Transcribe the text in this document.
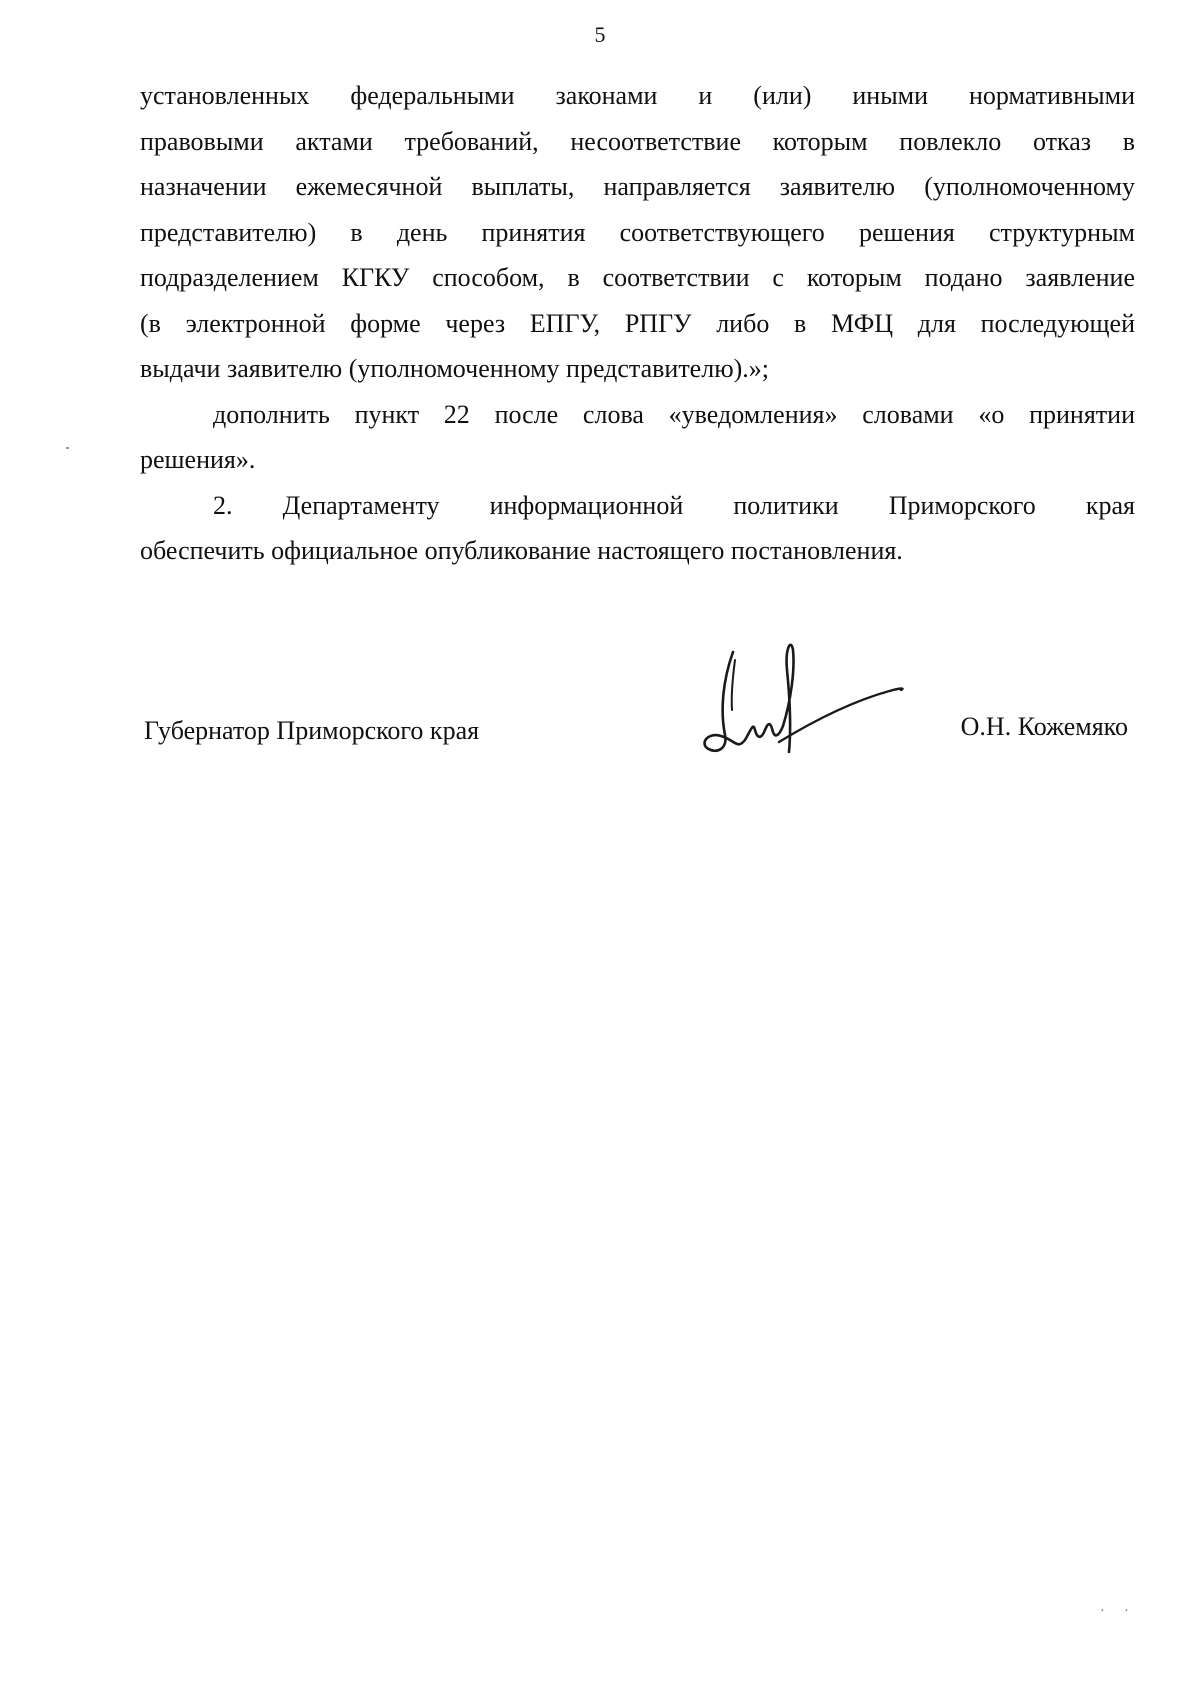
5
установленных федеральными законами и (или) иными нормативными
правовыми актами требований, несоответствие которым повлекло отказ в
назначении ежемесячной выплаты, направляется заявителю (уполномоченному
представителю) в день принятия соответствующего решения структурным
подразделением КГКУ способом, в соответствии с которым подано заявление
(в электронной форме через ЕПГУ, РПГУ либо в МФЦ для последующей
выдачи заявителю (уполномоченному представителю).»;
дополнить пункт 22 после слова «уведомления» словами «о принятии
решения».
2. Департаменту информационной политики Приморского края
обеспечить официальное опубликование настоящего постановления.
Губернатор Приморского края	О.Н. Кожемяко
· ·
